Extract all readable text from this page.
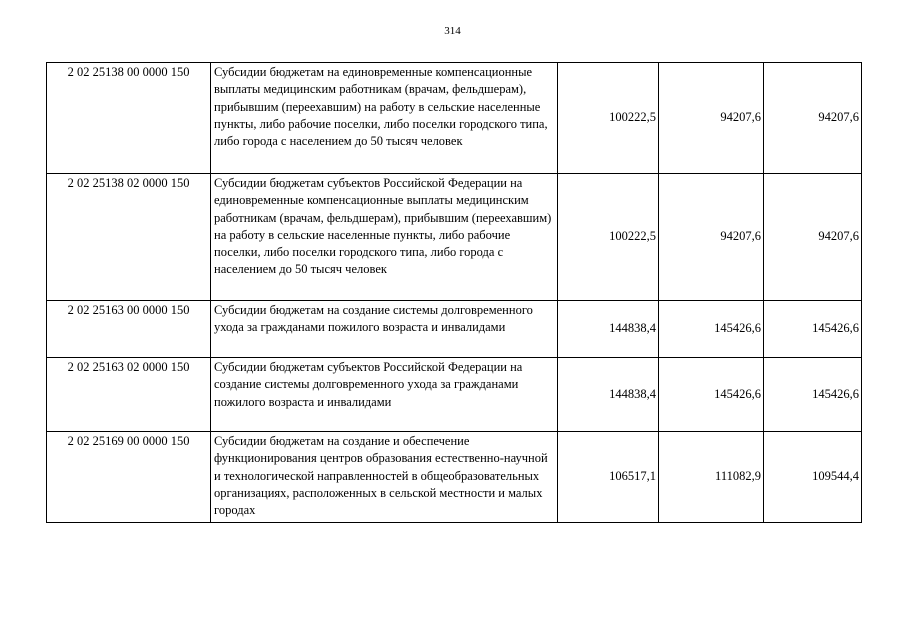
314
2 02 25138 00 0000 150	Субсидии бюджетам на единовременные компенсационные выплаты медицинским работникам (врачам, фельдшерам), прибывшим (переехавшим) на работу в сельские населенные пункты, либо рабочие поселки, либо поселки городского типа, либо города с населением до 50 тысяч человек	100222,5	94207,6	94207,6
2 02 25138 02 0000 150	Субсидии бюджетам субъектов Российской Федерации на единовременные компенсационные выплаты медицинским работникам (врачам, фельдшерам), прибывшим (переехавшим) на работу в сельские населенные пункты, либо рабочие поселки, либо поселки городского типа, либо города с населением до 50 тысяч человек	100222,5	94207,6	94207,6
2 02 25163 00 0000 150	Субсидии бюджетам на создание системы долговременного ухода за гражданами пожилого возраста и инвалидами	144838,4	145426,6	145426,6
2 02 25163 02 0000 150	Субсидии бюджетам субъектов Российской Федерации на создание системы долговременного ухода за гражданами пожилого возраста и инвалидами	144838,4	145426,6	145426,6
2 02 25169 00 0000 150	Субсидии бюджетам на создание и обеспечение функционирования центров образования естественно-научной и технологической направленностей в общеобразовательных организациях, расположенных в сельской местности и малых городах	106517,1	111082,9	109544,4
